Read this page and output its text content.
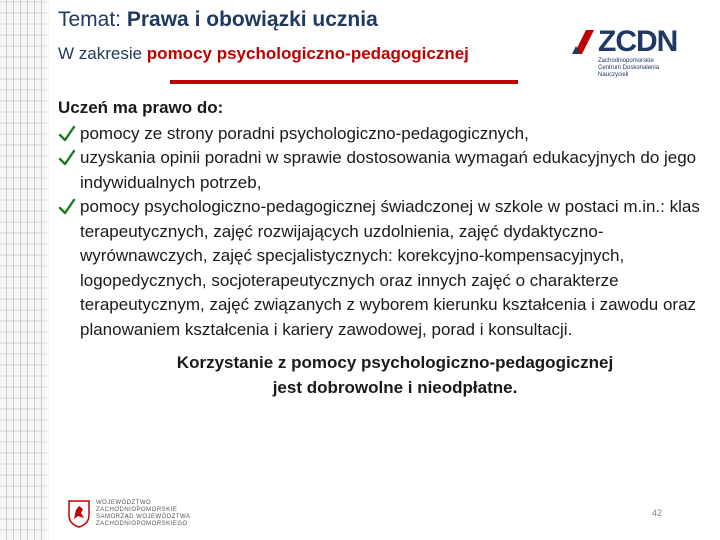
Temat: Prawa i obowiązki ucznia
W zakresie pomocy psychologiczno-pedagogicznej	ZCDN
Zachodniopomorskie
Centrum Doskonalenia Nauczycieli
Uczeń ma prawo do:
pomocy ze strony poradni psychologiczno-pedagogicznych,
uzyskania opinii poradni w sprawie dostosowania wymagań edukacyjnych do jego indywidualnych potrzeb,
pomocy psychologiczno-pedagogicznej świadczonej w szkole w postaci m.in.: klas terapeutycznych, zajęć rozwijających uzdolnienia, zajęć dydaktyczno-wyrównawczych, zajęć specjalistycznych: korekcyjno-kompensacyjnych, logopedycznych, socjoterapeutycznych oraz innych zajęć o charakterze terapeutycznym, zajęć związanych z wyborem kierunku kształcenia i zawodu oraz planowaniem kształcenia i kariery zawodowej, porad i konsultacji.
Korzystanie z pomocy psychologiczno-pedagogicznej
jest dobrowolne i nieodpłatne.
WOJEWÓDZTWO ZACHODNIOPOMORSKIE
SAMORZĄD WOJEWÓDZTWA
ZACHODNIOPOMORSKIEGO
42
